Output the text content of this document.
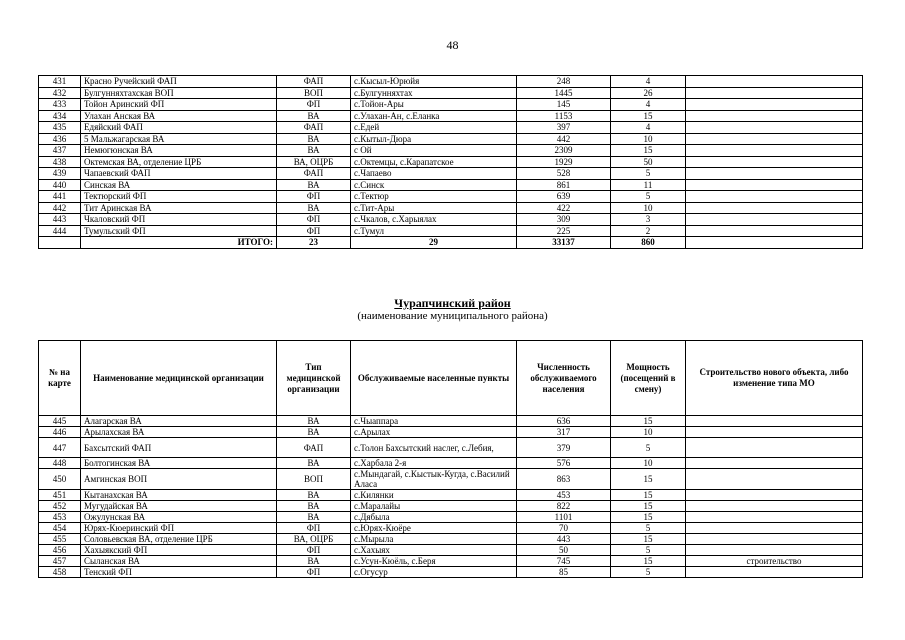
48
431	Красно Ручейский ФАП	ФАП	с.Кысыл-Юрюйя	248	4	
432	Булгунняхтахская ВОП	ВОП	с.Булгунняхтах	1445	26	
433	Тойон Аринский ФП	ФП	с.Тойон-Ары	145	4	
434	Улахан Анская ВА	ВА	с.Улахан-Ан, с.Еланка	1153	15	
435	Едяйский ФАП	ФАП	с.Едей	397	4	
436	5 Мальжагарская ВА	ВА	с.Кытыл-Дюра	442	10	
437	Немюгюнская ВА	ВА	с Ой	2309	15	
438	Октемская ВА, отделение ЦРБ	ВА, ОЦРБ	с.Октемцы, с.Карапатское	1929	50	
439	Чапаевский ФАП	ФАП	с.Чапаево	528	5	
440	Синская ВА	ВА	с.Синск	861	11	
441	Тектюрский ФП	ФП	с.Тектюр	639	5	
442	Тит Аринская ВА	ВА	с.Тит-Ары	422	10	
443	Чкаловский ФП	ФП	с.Чкалов, с.Харыялах	309	3	
444	Тумульский ФП	ФП	с.Тумул	225	2	
	ИТОГО:	23	29	33137	860	
Чурапчинский район
(наименование муниципального района)
№ на карте	Наименование медицинской организации	Тип медицинской организации	Обслуживаемые населенные пункты	Численность обслуживаемого населения	Мощность (посещений в смену)	Строительство нового объекта, либо изменение типа МО
445	Алагарская ВА	ВА	с.Чыаппара	636	15	
446	Арылахская ВА	ВА	с.Арылах	317	10	
447	Бахсытский ФАП	ФАП	с.Толон Бахсытский наслег, с.Лебия,	379	5	
448	Болтогинская ВА	ВА	с.Харбала 2-я	576	10	
450	Амгинская ВОП	ВОП	с.Мындагай, с.Кыстык-Кугда, с.Василий Аласа	863	15	
451	Кытанахская ВА	ВА	с.Килянки	453	15	
452	Мугудайская ВА	ВА	с.Маралайы	822	15	
453	Ожулунская ВА	ВА	с.Дябыла	1101	15	
454	Юрях-Кюеринский ФП	ФП	с.Юрях-Кюёре	70	5	
455	Соловьевская ВА, отделение ЦРБ	ВА, ОЦРБ	с.Мырыла	443	15	
456	Хахыякский ФП	ФП	с.Хахыях	50	5	
457	Сыланская ВА	ВА	с.Усун-Кюёль, с.Беря	745	15	строительство
458	Тенский ФП	ФП	с.Огусур	85	5	
